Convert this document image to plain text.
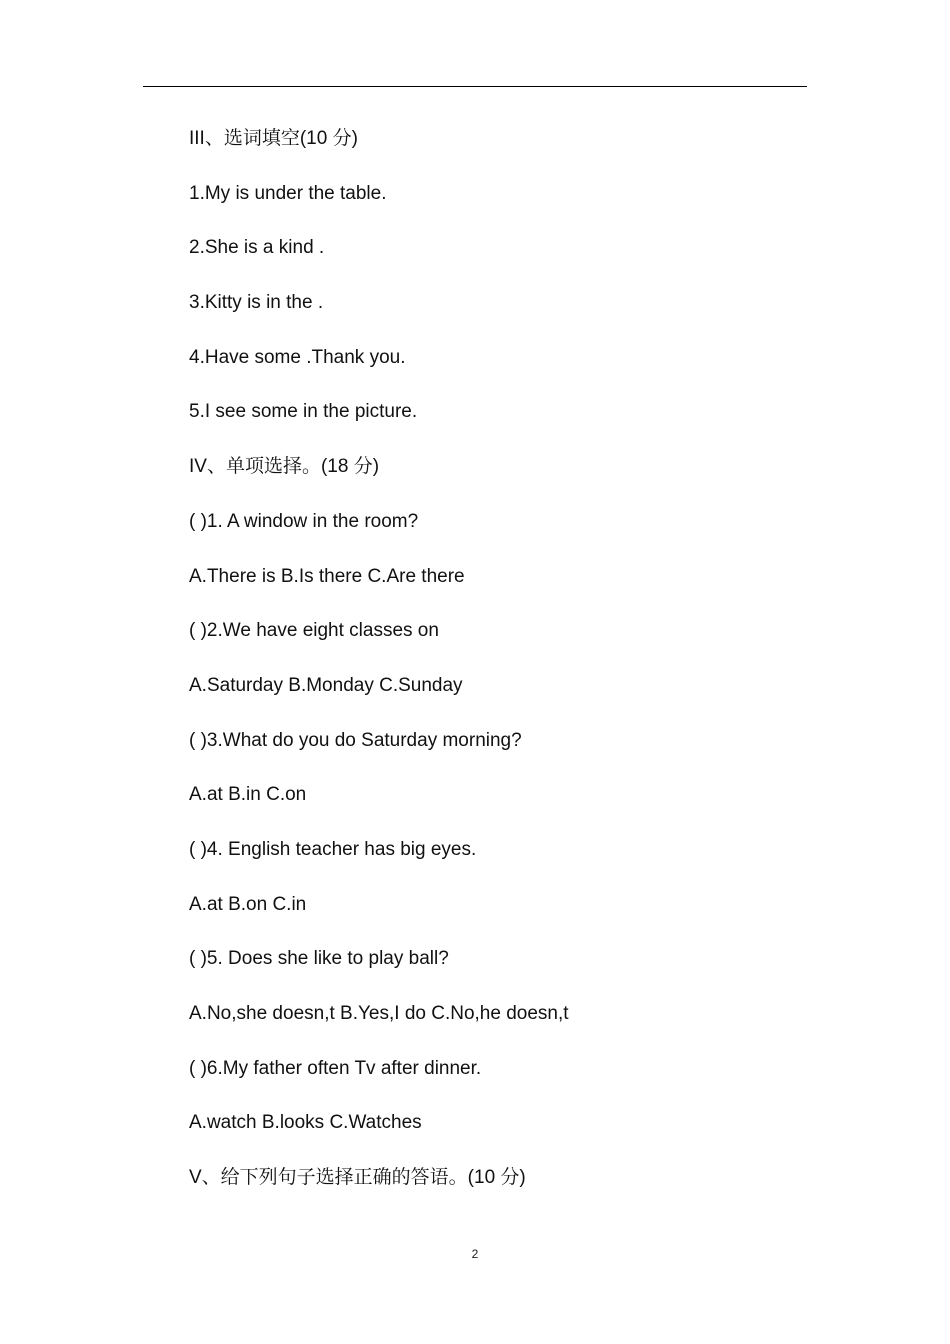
III、选词填空(10 分)
1.My is under the table.
2.She is a kind .
3.Kitty is in the .
4.Have some .Thank you.
5.I see some in the picture.
IV、单项选择。(18 分)
( )1. A window in the room?
A.There is B.Is there C.Are there
( )2.We have eight classes on
A.Saturday B.Monday C.Sunday
( )3.What do you do Saturday morning?
A.at B.in C.on
( )4. English teacher has big eyes.
A.at B.on C.in
( )5. Does she like to play ball?
A.No,she doesn,t B.Yes,I do C.No,he doesn,t
( )6.My father often Tv after dinner.
A.watch B.looks C.Watches
V、给下列句子选择正确的答语。(10 分)
2
